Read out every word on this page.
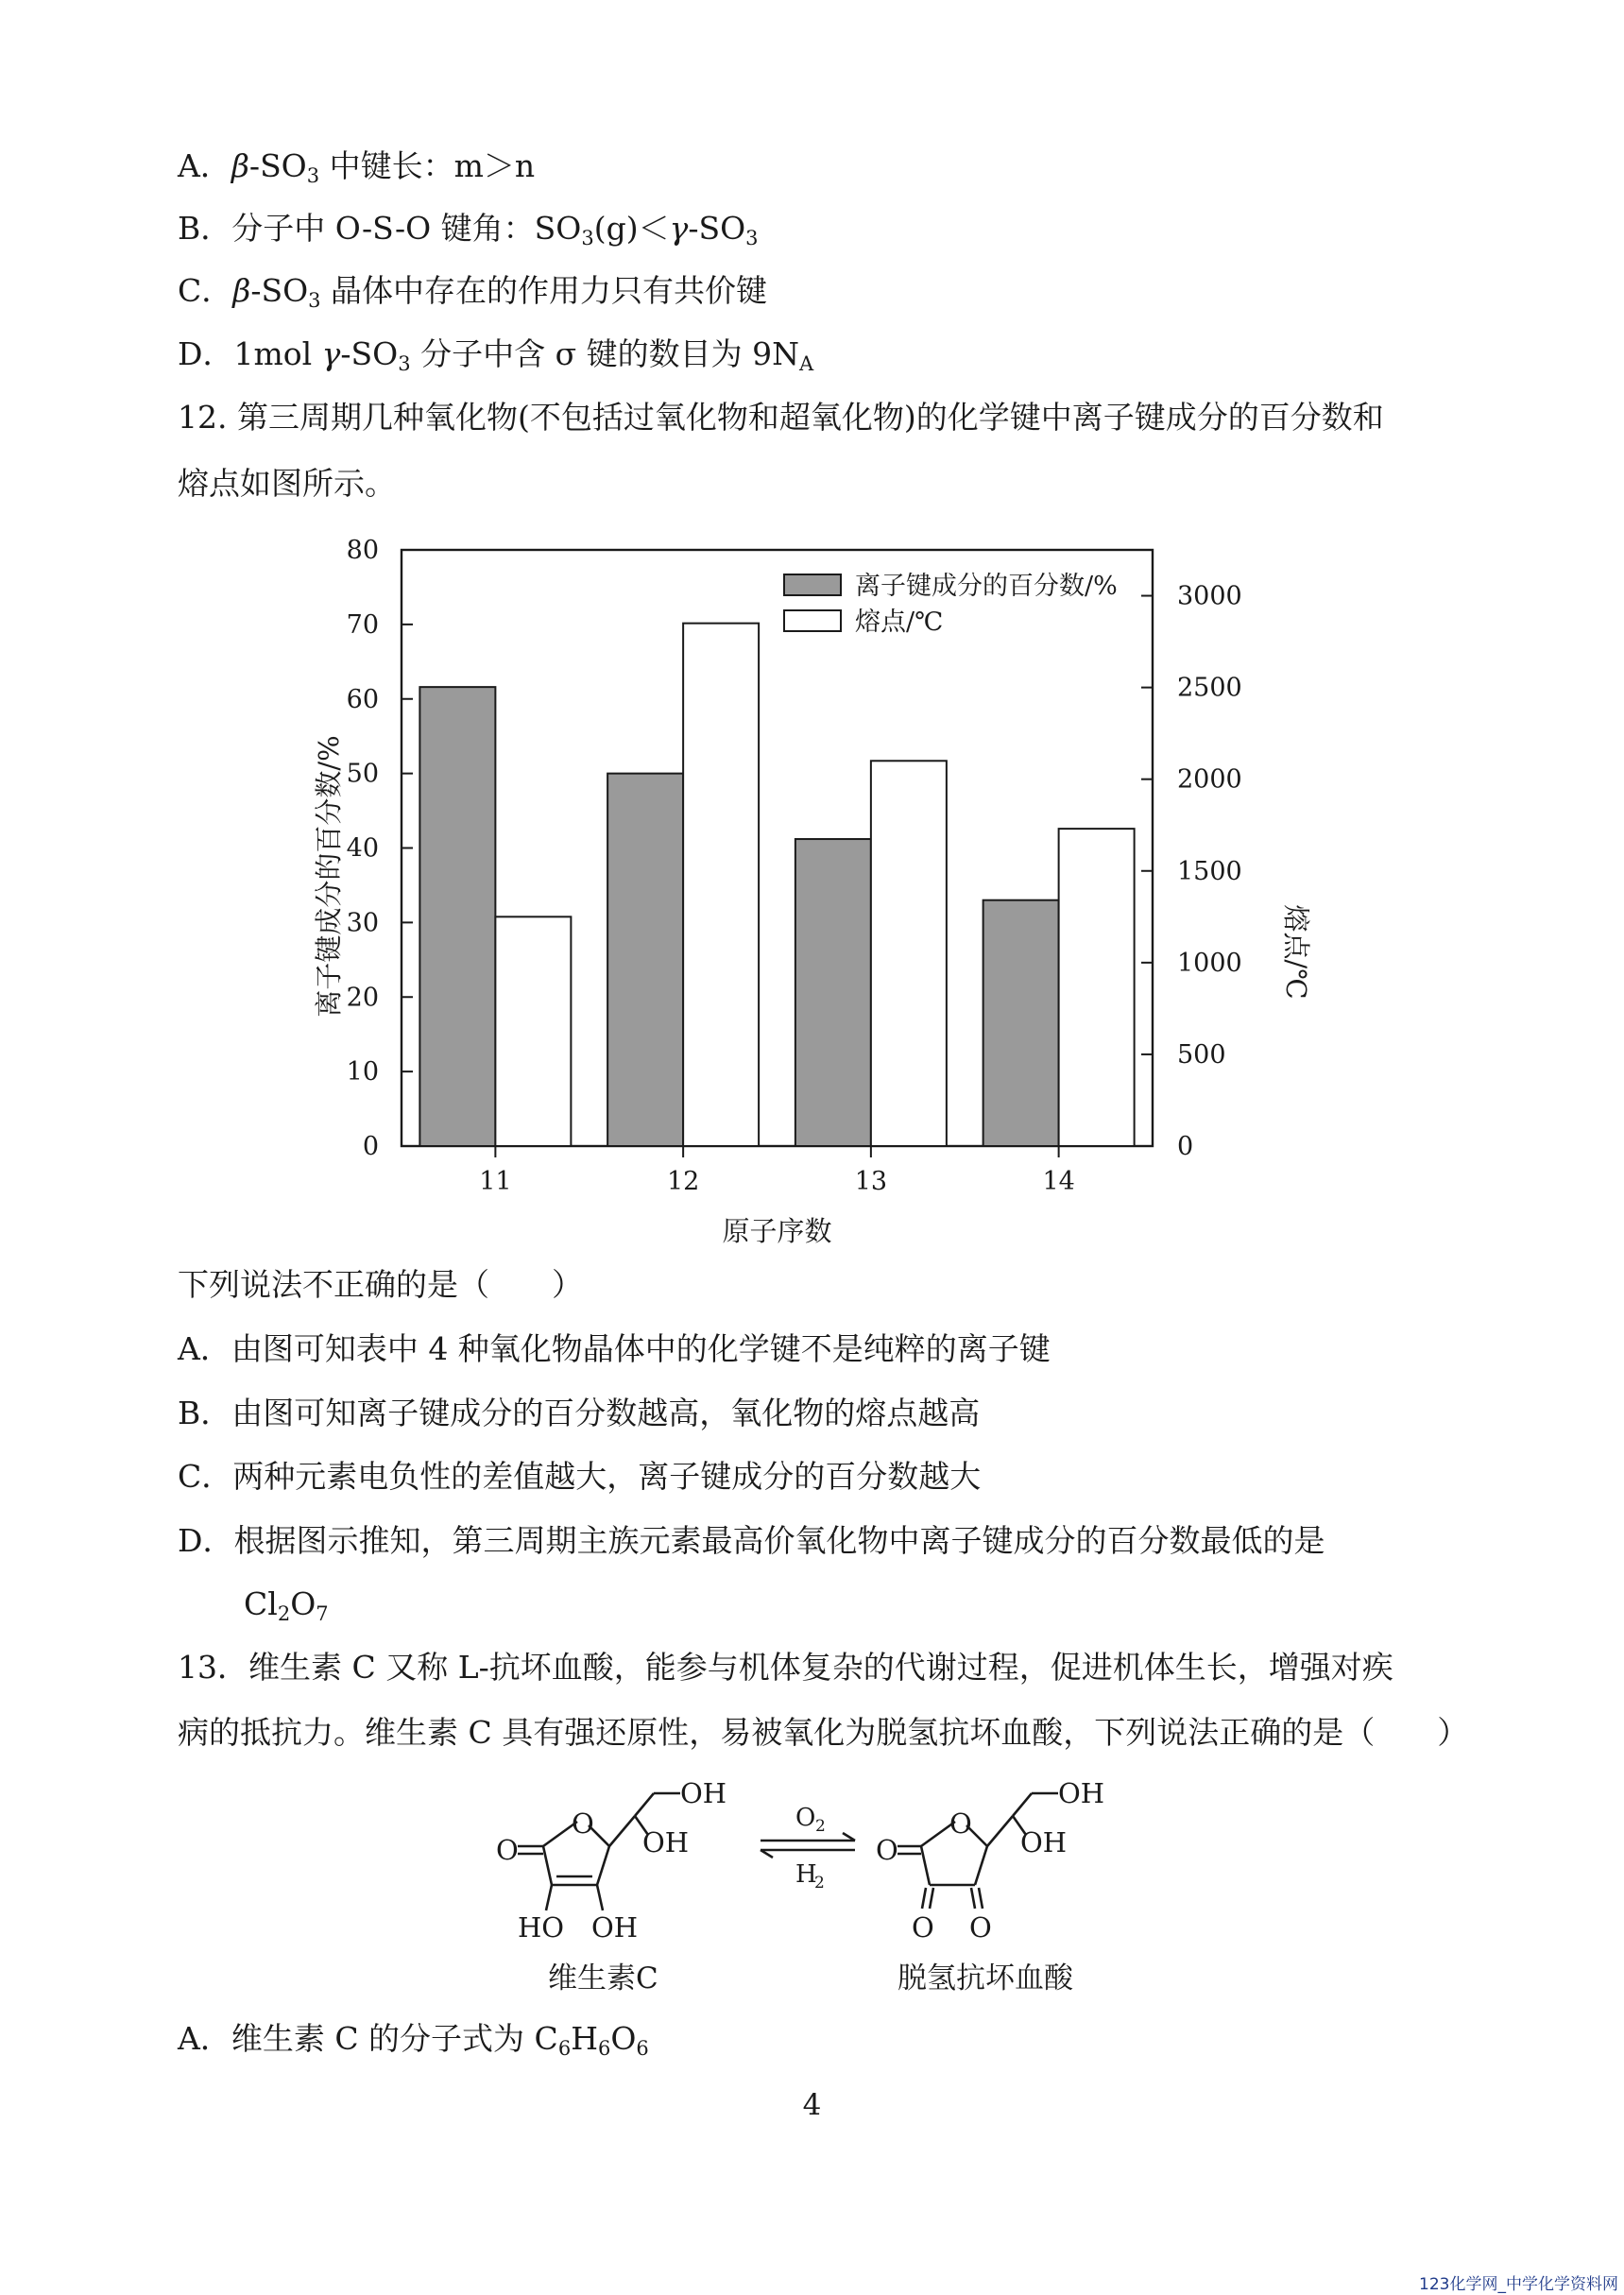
A．$\beta-SO_3$ 中键长：m＞n
B．分子中 O-S-O 键角：$SO_3(g)<\gamma-SO_3$
C．$\beta-SO_3$ 晶体中存在的作用力只有共价键
D．1mol $\gamma-SO_3$ 分子中含 σ 键的数目为 $9N_A$
12. 第三周期几种氧化物(不包括过氧化物和超氧化物)的化学键中离子键成分的百分数和
熔点如图所示。
0
10
20
30
40
50
60
70
80
0
500
1000
1500
2000
2500
3000
11	12	13	14
原子序数
离子键成分的百分数/%	熔点/℃
离子键成分的百分数/%
熔点/℃
下列说法不正确的是（　　）
A．由图可知表中 4 种氧化物晶体中的化学键不是纯粹的离子键
B．由图可知离子键成分的百分数越高，氧化物的熔点越高
C．两种元素电负性的差值越大，离子键成分的百分数越大
D．根据图示推知，第三周期主族元素最高价氧化物中离子键成分的百分数最低的是
$Cl_2O_7$
13．维生素 C 又称 L-抗坏血酸，能参与机体复杂的代谢过程，促进机体生长，增强对疾
病的抵抗力。维生素 C 具有强还原性，易被氧化为脱氢抗坏血酸，下列说法正确的是（　　）
O
O
HO OH
OH
OH
O
O
O O
OH
OH
O 2
H
2
维生素C	脱氢抗坏血酸
A．维生素 C 的分子式为 $C_6H_6O_6$
4
123化学网_中学化学资料网
